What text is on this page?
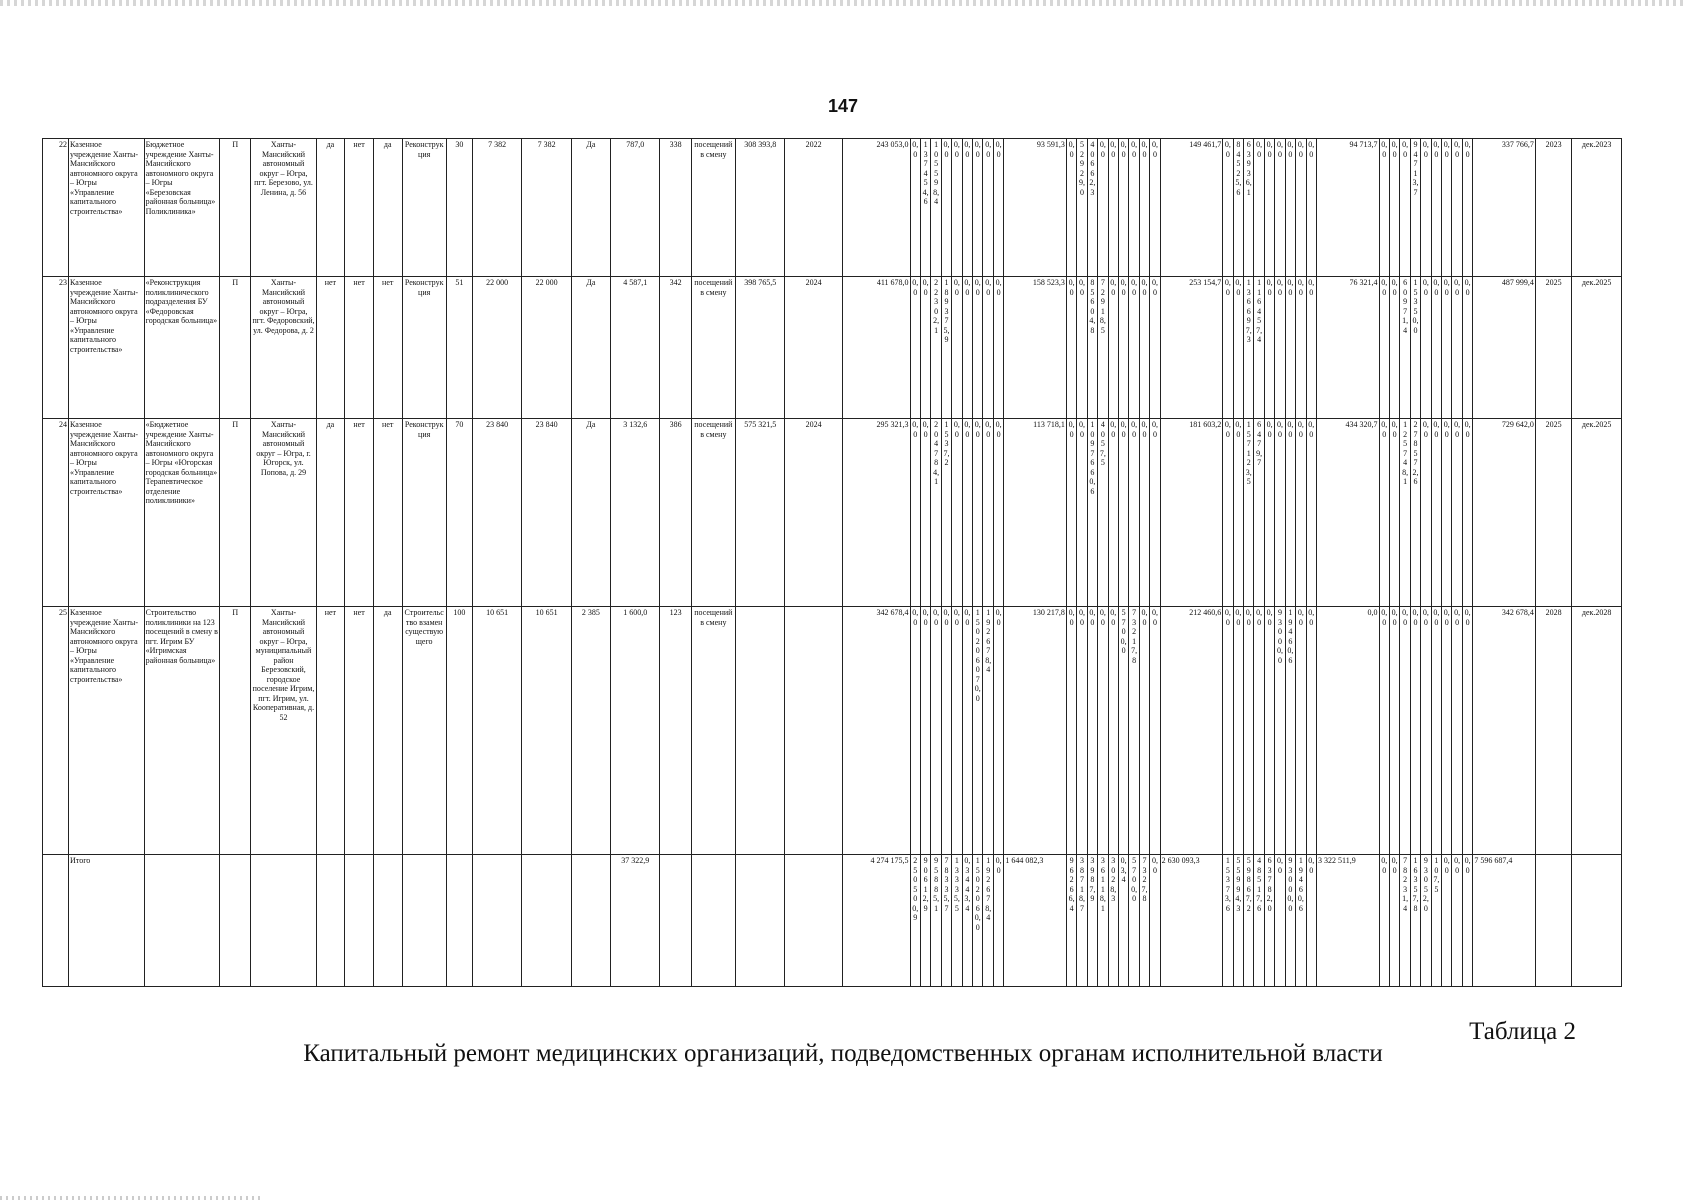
147
22	Казенное учреждение Ханты-Мансийского автономного округа – Югры «Управление капитального строительства»	Бюджетное учреждение Ханты-Мансийского автономного округа – Югры «Березовская районная больница» Поликлиника»	П	Ханты-Мансийский автономный округ – Югра, пгт. Березово, ул. Ленина, д. 56	да	нет	да	Реконструкция	30	7 382	7 382	Да	787,0	338	посещений в смену	308 393,8	2022	243 053,0	0, 0	1 3 7 4 5 4, 6	1 0 5 5 9 8, 4	0, 0	0, 0	0, 0	0, 0	0, 0	0, 0	93 591,3	0, 0	5 2 9 2 9, 0	4 0 6 6 2, 3	0, 0	0, 0	0, 0	0, 0	0, 0	0, 0	149 461,7	0, 0	8 4 5 2 5, 6	6 3 9 3 6, 1	0, 0	0, 0	0, 0	0, 0	0, 0	0, 0	94 713,7	0, 0	0, 0	0, 0	9 4 7 1 3, 7	0, 0	0, 0	0, 0	0, 0	0, 0	337 766,7	2023	дек.2023
23	Казенное учреждение Ханты-Мансийского автономного округа – Югры «Управление капитального строительства»	«Реконструкция поликлинического подразделения БУ «Федоровская городская больница»	П	Ханты-Мансийский автономный округ – Югра, пгт. Федоровский, ул. Федорова, д. 2	нет	нет	нет	Реконструкция	51	22 000	22 000	Да	4 587,1	342	посещений в смену	398 765,5	2024	411 678,0	0, 0	0, 0	2 2 3 0 2, 1	1 8 9 3 7 5, 9	0, 0	0, 0	0, 0	0, 0	0, 0	158 523,3	0, 0	0, 0	8 5 6 0 4, 8	7 2 9 1 8, 5	0, 0	0, 0	0, 0	0, 0	0, 0	253 154,7	0, 0	0, 0	1 3 6 6 9 7, 3	1 1 6 4 5 7, 4	0, 0	0, 0	0, 0	0, 0	0, 0	76 321,4	0, 0	0, 0	6 0 9 7 1, 4	1 5 3 5 0, 0	0, 0	0, 0	0, 0	0, 0	0, 0	487 999,4	2025	дек.2025
24	Казенное учреждение Ханты-Мансийского автономного округа – Югры «Управление капитального строительства»	«Бюджетное учреждение Ханты-Мансийского автономного округа – Югры «Югорская городская больница» Терапевтическое отделение поликлиники»	П	Ханты-Мансийский автономный округ – Югра, г. Югорск, ул. Попова, д. 29	да	нет	нет	Реконструкция	70	23 840	23 840	Да	3 132,6	386	посещений в смену	575 321,5	2024	295 321,3	0, 0	0, 0	2 0 4 7 8 4, 1	1 5 3 7, 2	0, 0	0, 0	0, 0	0, 0	0, 0	113 718,1	0, 0	0, 0	1 0 9 7 6 6 0, 6	4 0 5 7, 5	0, 0	0, 0	0, 0	0, 0	0, 0	181 603,2	0, 0	0, 0	1 5 7 1 2 3, 5	6 4 7 9, 7	0, 0	0, 0	0, 0	0, 0	0, 0	434 320,7	0, 0	0, 0	1 2 5 7 4 8, 1	2 7 8 5 7 2, 6	0, 0	0, 0	0, 0	0, 0	0, 0	729 642,0	2025	дек.2025
25	Казенное учреждение Ханты-Мансийского автономного округа – Югры «Управление капитального строительства»	Строительство поликлиники на 123 посещений в смену в пгт. Игрим БУ «Игримская районная больница»	П	Ханты-Мансийский автономный округ – Югра, муниципальный район Березовский, городское поселение Игрим, пгт. Игрим, ул. Кооперативная, д. 52	нет	нет	да	Строительство взамен существующего	100	10 651	10 651	2 385	1 600,0	123	посещений в смену			342 678,4	0, 0	0, 0	0, 0	0, 0	0, 0	0, 0	1 5 0 2 0 6 0 7 0, 0	1 9 2 6 7 8, 4	0, 0	130 217,8	0, 0	0, 0	0, 0	0, 0	0, 0	5 7 0 0, 0	7 3 2 1 7, 8	0, 0	0, 0	212 460,6	0, 0	0, 0	0, 0	0, 0	0, 0	9 3 0 0 0, 0	1 9 4 6 0, 6	0, 0	0, 0	0,0	0, 0	0, 0	0, 0	0, 0	0, 0	0, 0	0, 0	0, 0	0, 0	342 678,4	2028	дек.2028
	Итого												37 322,9					4 274 175,5	2 5 0 5 0 0, 9	9 0 6 1 2, 9	9 5 8 8 5, 1	7 8 3 3 5, 7	1 3 3 3 5, 5	0, 3 4 4 3, 4	1 5 0 2 0 6 0, 0	1 9 2 6 7 8, 4	0, 0	1 644 082,3	9 6 2 6 6, 4	3 8 7 1 8, 7	3 9 8 7, 9	3 6 1 1 8, 1	3 0 2 8, 3	0, 3, 4	5 7 0 0, 0	7 3 2 7, 8	0, 0	2 630 093,3	1 5 3 7 3, 6	5 5 9 9 4, 3	5 9 8 6 7, 2	4 8 5 1 7, 6	6 3 7 8 2, 0	0, 0	9 3 0 0 0, 0	1 9 4 6 0, 6	0, 0	3 322 511,9	0, 0	0, 0	7 8 2 3 1, 4	1 6 3 5 7, 8	9 3 0 5 2, 0	1 0 7, 5	0, 0	0, 0	0, 0	7 596 687,4		
Таблица 2
Капитальный ремонт медицинских организаций, подведомственных органам исполнительной власти
